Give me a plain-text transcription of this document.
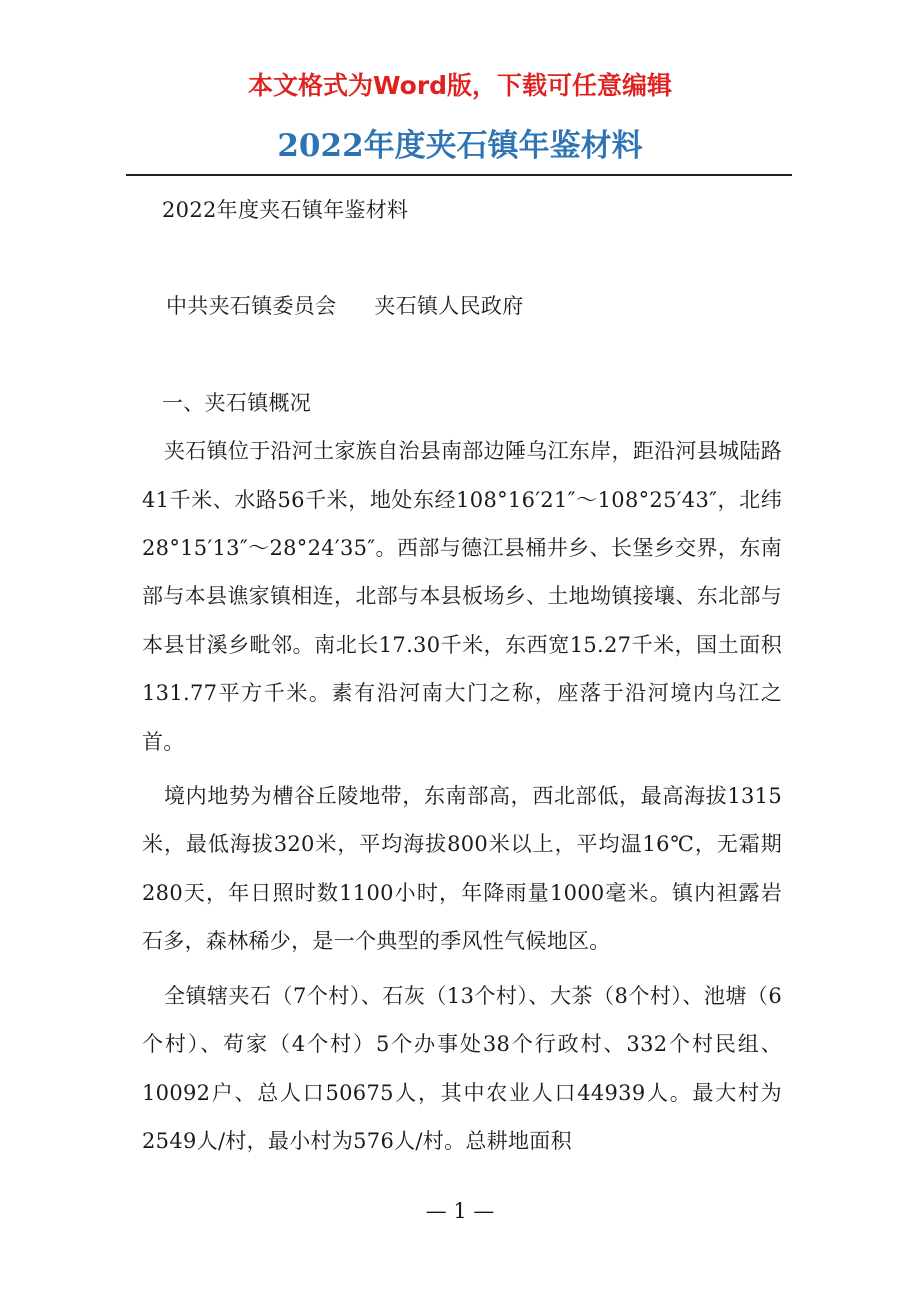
本文格式为Word版，下载可任意编辑
2022年度夹石镇年鉴材料

2022年度夹石镇年鉴材料

中共夹石镇委员会 夹石镇人民政府

一、夹石镇概况

夹石镇位于沿河土家族自治县南部边陲乌江东岸，距沿河县城陆路41千米、水路56千米，地处东经108°16′21″～108°25′43″，北纬28°15′13″～28°24′35″。西部与德江县桶井乡、长堡乡交界，东南部与本县谯家镇相连，北部与本县板场乡、土地坳镇接壤、东北部与本县甘溪乡毗邻。南北长17.30千米，东西宽15.27千米，国土面积131.77平方千米。素有沿河南大门之称，座落于沿河境内乌江之首。

境内地势为槽谷丘陵地带，东南部高，西北部低，最高海拔1315米，最低海拔320米，平均海拔800米以上，平均温16℃，无霜期280天，年日照时数1100小时，年降雨量1000毫米。镇内袒露岩石多，森林稀少，是一个典型的季风性气候地区。

全镇辖夹石（7个村）、石灰（13个村）、大茶（8个村）、池塘（6个村）、苟家（4个村）5个办事处38个行政村、332个村民组、10092户、总人口50675人，其中农业人口44939人。最大村为2549人/村，最小村为576人/村。总耕地面积

— 1 —
